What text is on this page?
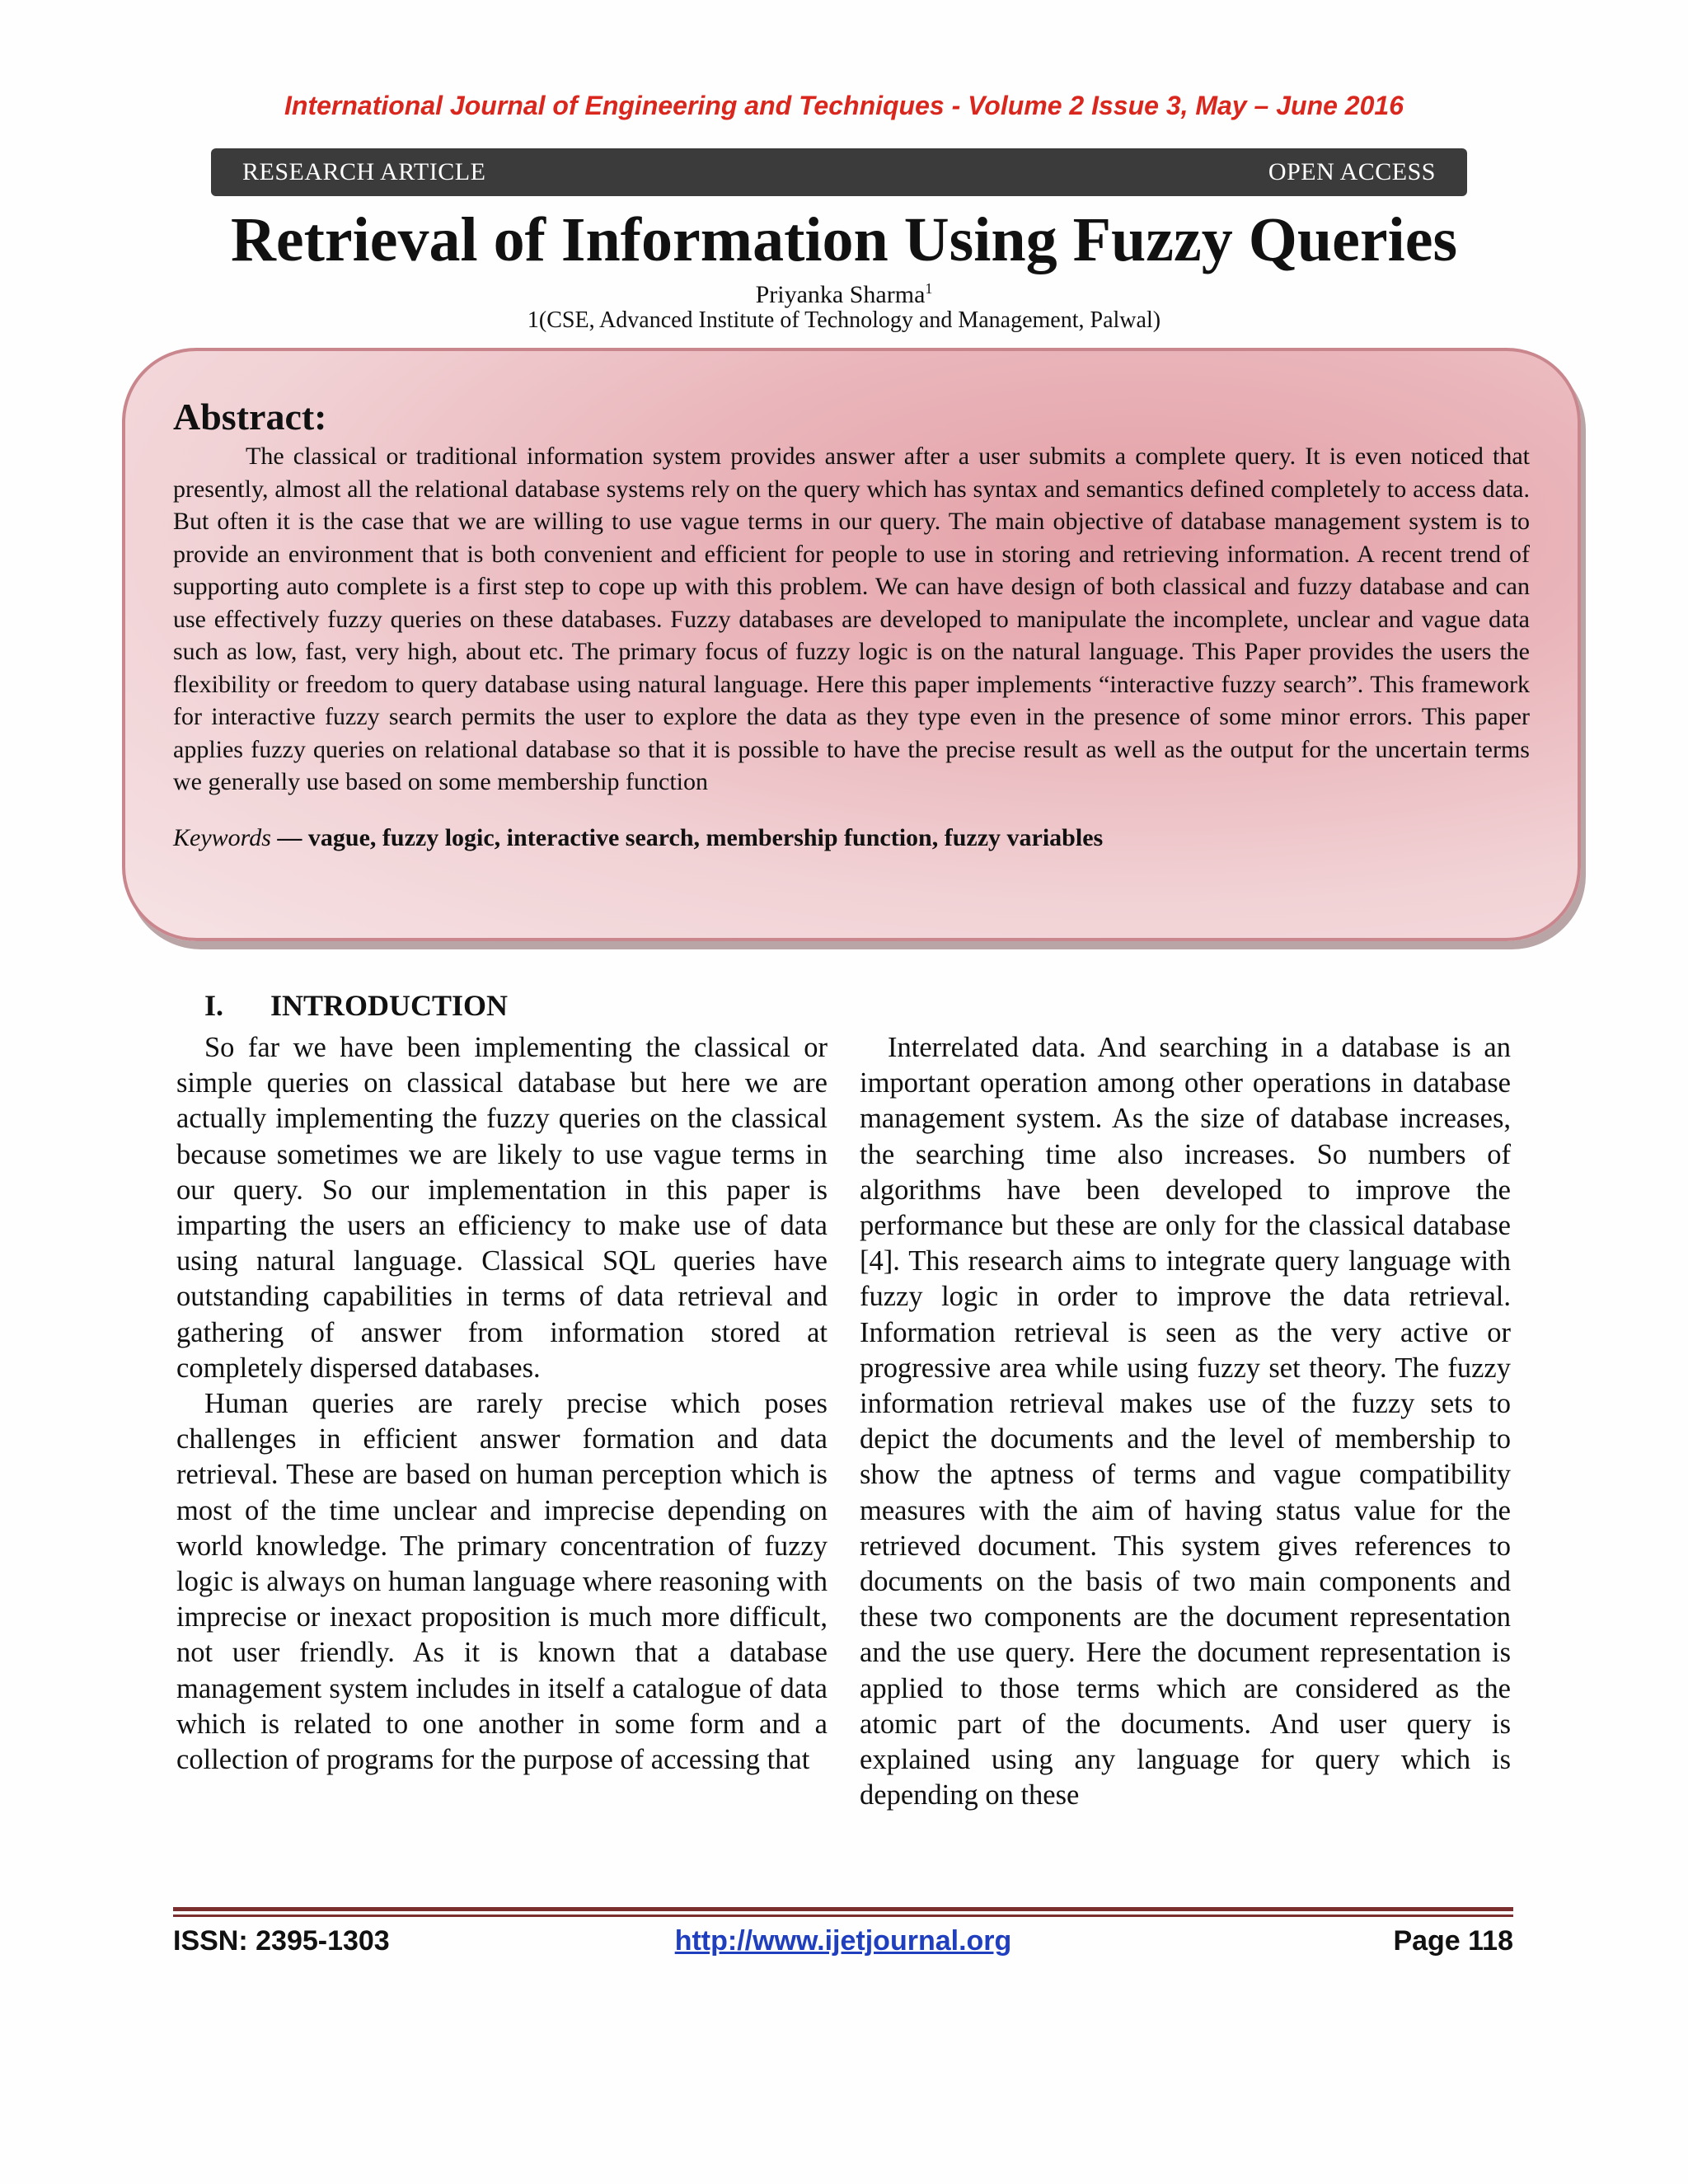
International Journal of Engineering and Techniques - Volume 2 Issue 3, May – June 2016
RESEARCH ARTICLE	OPEN ACCESS
Retrieval of Information Using Fuzzy Queries
Priyanka Sharma$^1$
1(CSE, Advanced Institute of Technology and Management, Palwal)
Abstract:

The classical or traditional information system provides answer after a user submits a complete query. It is even noticed that presently, almost all the relational database systems rely on the query which has syntax and semantics defined completely to access data. But often it is the case that we are willing to use vague terms in our query. The main objective of database management system is to provide an environment that is both convenient and efficient for people to use in storing and retrieving information. A recent trend of supporting auto complete is a first step to cope up with this problem. We can have design of both classical and fuzzy database and can use effectively fuzzy queries on these databases. Fuzzy databases are developed to manipulate the incomplete, unclear and vague data such as low, fast, very high, about etc. The primary focus of fuzzy logic is on the natural language. This Paper provides the users the flexibility or freedom to query database using natural language. Here this paper implements “interactive fuzzy search”. This framework for interactive fuzzy search permits the user to explore the data as they type even in the presence of some minor errors. This paper applies fuzzy queries on relational database so that it is possible to have the precise result as well as the output for the uncertain terms we generally use based on some membership function

Keywords — vague, fuzzy logic, interactive search, membership function, fuzzy variables

I. INTRODUCTION

So far we have been implementing the classical or simple queries on classical database but here we are actually implementing the fuzzy queries on the classical because sometimes we are likely to use vague terms in our query. So our implementation in this paper is imparting the users an efficiency to make use of data using natural language. Classical SQL queries have outstanding capabilities in terms of data retrieval and gathering of answer from information stored at completely dispersed databases.

Human queries are rarely precise which poses challenges in efficient answer formation and data retrieval. These are based on human perception which is most of the time unclear and imprecise depending on world knowledge. The primary concentration of fuzzy logic is always on human language where reasoning with imprecise or inexact proposition is much more difficult, not user friendly. As it is known that a database management system includes in itself a catalogue of data which is related to one another in some form and a collection of programs for the purpose of accessing that

Interrelated data. And searching in a database is an important operation among other operations in database management system. As the size of database increases, the searching time also increases. So numbers of algorithms have been developed to improve the performance but these are only for the classical database [4]. This research aims to integrate query language with fuzzy logic in order to improve the data retrieval. Information retrieval is seen as the very active or progressive area while using fuzzy set theory. The fuzzy information retrieval makes use of the fuzzy sets to depict the documents and the level of membership to show the aptness of terms and vague compatibility measures with the aim of having status value for the retrieved document. This system gives references to documents on the basis of two main components and these two components are the document representation and the use query. Here the document representation is applied to those terms which are considered as the atomic part of the documents. And user query is explained using any language for query which is depending on these

ISSN: 2395-1303	http://www.ijetjournal.org	Page 118
